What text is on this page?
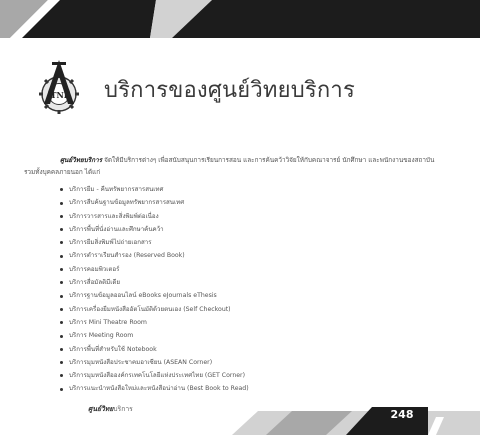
TNI บริการของศูนย์วิทยบริการ
ศูนย์วิทยบริการ จัดให้มีบริการต่างๆ เพื่อสนับสนุนการเรียนการสอน และการค้นคว้าวิจัยให้กับคณาจารย์ นักศึกษา และพนักงานของสถาบัน
รวมทั้งบุคคลภายนอก ได้แก่
บริการยืม - คืนทรัพยากรสารสนเทศ
บริการสืบค้นฐานข้อมูลทรัพยากรสารสนเทศ
บริการวารสารและสิ่งพิมพ์ต่อเนื่อง
บริการพื้นที่นั่งอ่านและศึกษาค้นคว้า
บริการยืมสิ่งพิมพ์ไปถ่ายเอกสาร
บริการตำราเรียนสำรอง (Reserved Book)
บริการคอมพิวเตอร์
บริการสื่อมัลติมีเดีย
บริการฐานข้อมูลออนไลน์ eBooks eJournals eThesis
บริการเครื่องยืมหนังสืออัตโนมัติด้วยตนเอง (Self Checkout)
บริการ Mini Theatre Room
บริการ Meeting Room
บริการพื้นที่สำหรับใช้ Notebook
บริการมุมหนังสือประชาคมอาเซียน (ASEAN Corner)
บริการมุมหนังสือองค์กรเทคโนโลยีแห่งประเทศไทย (GET Corner)
บริการแนะนำหนังสือใหม่และหนังสือน่าอ่าน (Best Book to Read)
ศูนย์วิทยบริการ	248
